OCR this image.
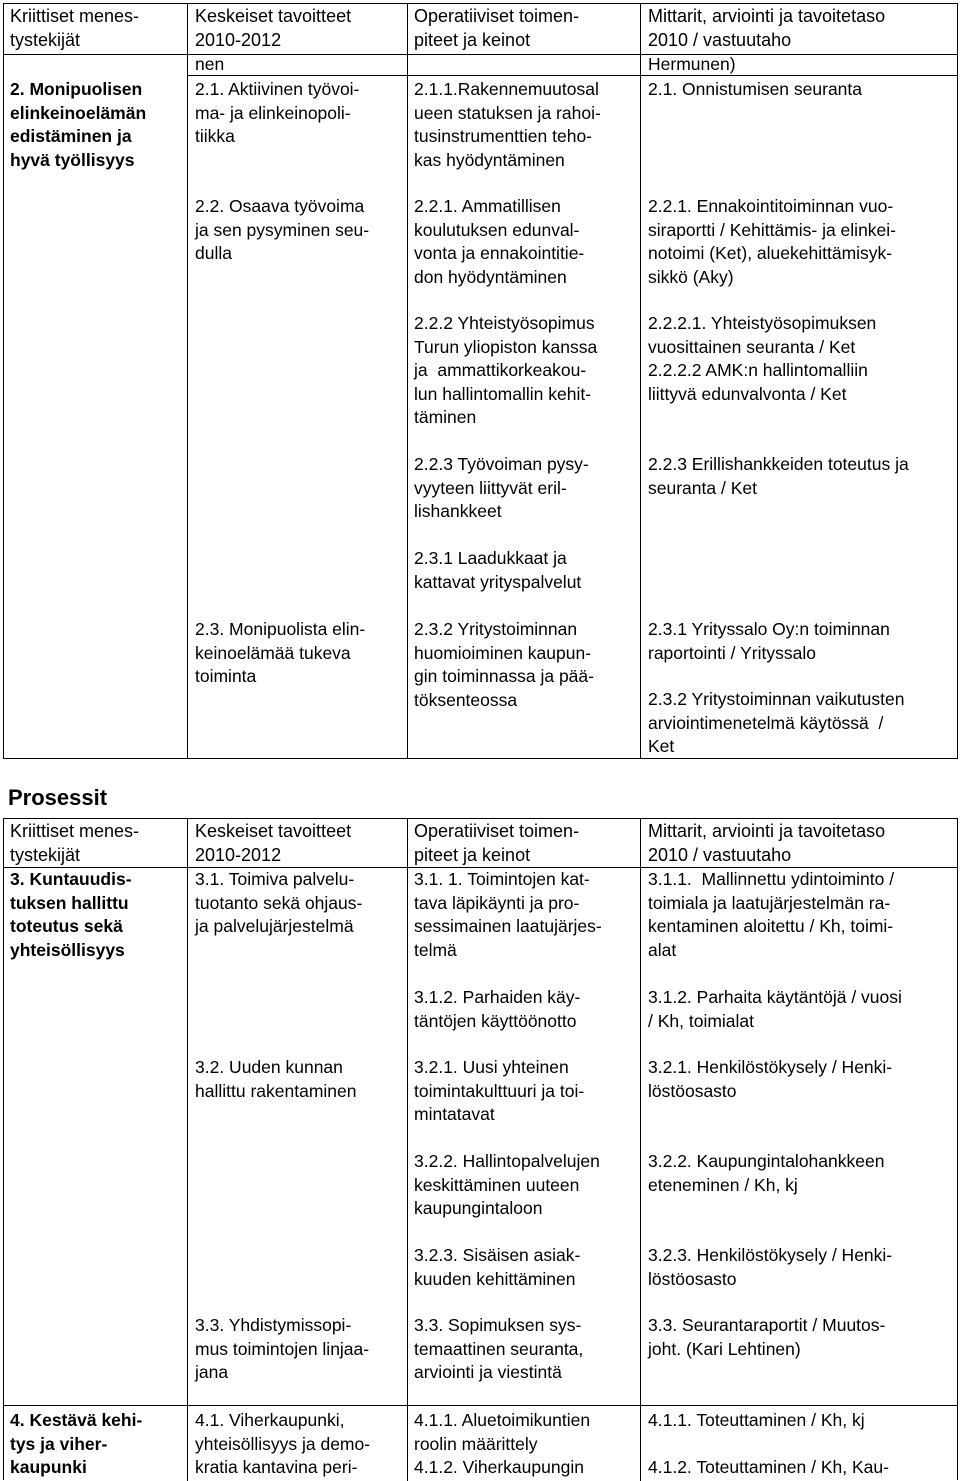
Kriittiset menes-
tystekijät
Keskeiset tavoitteet
2010-2012
Operatiiviset toimen-
piteet ja keinot
Mittarit, arviointi ja tavoitetaso
2010 / vastuutaho
nen	Hermunen)
2. Monipuolisen
elinkeinoelämän
edistäminen ja
hyvä työllisyys
2.1. Aktiivinen työvoi-
ma- ja elinkeinopoli-
tiikka
2.1.1.Rakennemuutosal
ueen statuksen ja rahoi-
tusinstrumenttien teho-
kas hyödyntäminen
2.1. Onnistumisen seuranta
2.2. Osaava työvoima
ja sen pysyminen seu-
dulla
2.2.1. Ammatillisen
koulutuksen edunval-
vonta ja ennakointitie-
don hyödyntäminen
2.2.1. Ennakointitoiminnan vuo-
siraportti / Kehittämis- ja elinkei-
notoimi (Ket), aluekehittämisyk-
sikkö (Aky)
2.2.2 Yhteistyösopimus
Turun yliopiston kanssa
ja  ammattikorkeakou-
lun hallintomallin kehit-
täminen
2.2.2.1. Yhteistyösopimuksen
vuosittainen seuranta / Ket
2.2.2.2 AMK:n hallintomalliin
liittyvä edunvalvonta / Ket
2.2.3 Työvoiman pysy-
vyyteen liittyvät eril-
lishankkeet
2.2.3 Erillishankkeiden toteutus ja
seuranta / Ket
2.3.1 Laadukkaat ja
kattavat yrityspalvelut
2.3. Monipuolista elin-
keinoelämää tukeva
toiminta
2.3.2 Yritystoiminnan
huomioiminen kaupun-
gin toiminnassa ja pää-
töksenteossa
2.3.1 Yrityssalo Oy:n toiminnan
raportointi / Yrityssalo
2.3.2 Yritystoiminnan vaikutusten
arviointimenetelmä käytössä  /
Ket
Prosessit
Kriittiset menes-
tystekijät
Keskeiset tavoitteet
2010-2012
Operatiiviset toimen-
piteet ja keinot
Mittarit, arviointi ja tavoitetaso
2010 / vastuutaho
3. Kuntauudis-
tuksen hallittu
toteutus sekä
yhteisöllisyys
3.1. Toimiva palvelu-
tuotanto sekä ohjaus-
ja palvelujärjestelmä
3.1. 1. Toimintojen kat-
tava läpikäynti ja pro-
sessimainen laatujärjes-
telmä
3.1.1.  Mallinnettu ydintoiminto /
toimiala ja laatujärjestelmän ra-
kentaminen aloitettu / Kh, toimi-
alat
3.1.2. Parhaiden käy-
täntöjen käyttöönotto
3.1.2. Parhaita käytäntöjä / vuosi
/ Kh, toimialat
3.2. Uuden kunnan
hallittu rakentaminen
3.2.1. Uusi yhteinen
toimintakulttuuri ja toi-
mintatavat
3.2.1. Henkilöstökysely / Henki-
löstöosasto
3.2.2. Hallintopalvelujen
keskittäminen uuteen
kaupungintaloon
3.2.2. Kaupungintalohankkeen
eteneminen / Kh, kj
3.2.3. Sisäisen asiak-
kuuden kehittäminen
3.2.3. Henkilöstökysely / Henki-
löstöosasto
3.3. Yhdistymissopi-
mus toimintojen linjaa-
jana
3.3. Sopimuksen sys-
temaattinen seuranta,
arviointi ja viestintä
3.3. Seurantaraportit / Muutos-
joht. (Kari Lehtinen)
4. Kestävä kehi-
tys ja viher-
kaupunki
4.1. Viherkaupunki,
yhteisöllisyys ja demo-
kratia kantavina peri-
4.1.1. Aluetoimikuntien
roolin määrittely
4.1.2. Viherkaupungin
4.1.1. Toteuttaminen / Kh, kj
4.1.2. Toteuttaminen / Kh, Kau-
